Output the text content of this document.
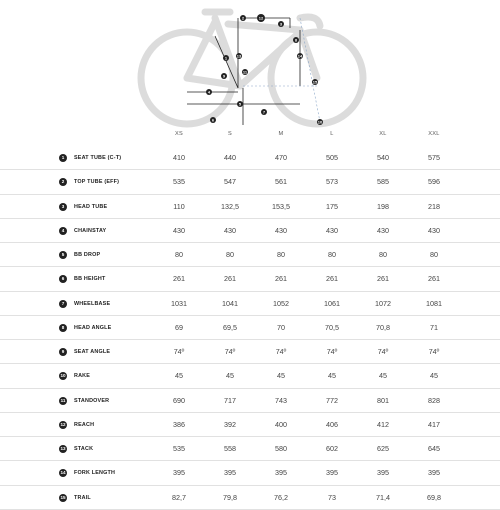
12
2
3
13
1	14
11
9
4
5
15
10
7
6
8
XS	S	M	L	XL	XXL
1	SEAT TUBE (C-T)	410	440	470	505	540	575
2	TOP TUBE (EFF)	535	547	561	573	585	596
3	HEAD TUBE	110	132,5	153,5	175	198	218
4	CHAINSTAY	430	430	430	430	430	430
5	BB DROP	80	80	80	80	80	80
6	BB HEIGHT	261	261	261	261	261	261
7	WHEELBASE	1031	1041	1052	1061	1072	1081
8	HEAD ANGLE	69	69,5	70	70,5	70,8	71
9	SEAT ANGLE	74º	74º	74º	74º	74º	74º
10 RAKE	45	45	45	45	45	45
11 STANDOVER	690	717	743	772	801	828
12 REACH	386	392	400	406	412	417
13 STACK	535	558	580	602	625	645
14 FORK LENGTH	395	395	395	395	395	395
15 TRAIL	82,7	79,8	76,2	73	71,4	69,8
